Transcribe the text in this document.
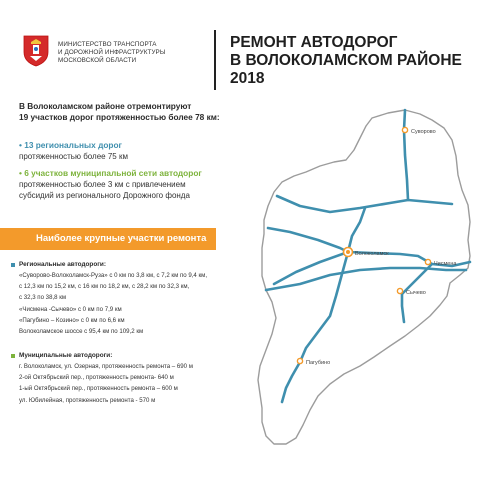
МИНИСТЕРСТВО ТРАНСПОРТА
И ДОРОЖНОЙ ИНФРАСТРУКТУРЫ
МОСКОВСКОЙ ОБЛАСТИ
РЕМОНТ АВТОДОРОГ
В ВОЛОКОЛАМСКОМ РАЙОНЕ
2018
В Волоколамском районе отремонтируют
19 участков дорог протяженностью более 78 км:
• 13 региональных дорог
протяженностью более 75 км
• 6 участков муниципальной сети автодорог
протяженностью более 3 км с привлечением
субсидий из регионального Дорожного фонда
Наиболее крупные участки ремонта
Региональные автодороги:
«Суворово-Волоколамск-Руза» с 0 км по 3,8 км, с 7,2 км по 9,4 км,
с 12,3 км по 15,2 км, с 16 км по 18,2 км, с 28,2 км по 32,3 км,
с 32,3 по 38,8 км
«Чисмена -Сычево» с 0 км по 7,9 км
«Пагубино – Козино» с 0 км по 6,6 км
Волоколамское шоссе с 95,4 км по 109,2 км
Муниципальные автодороги:
г. Волоколамск, ул. Озерная, протяженность ремонта – 690 м
2-ой Октябрьский пер., протяженность ремонта- 640 м
1-ый Октябрьский пер., протяженность ремонта – 600 м
ул. Юбилейная, протяженность ремонта - 570 м
Суворово
Волоколамск
Чисмена
Сычево
Пагубино
